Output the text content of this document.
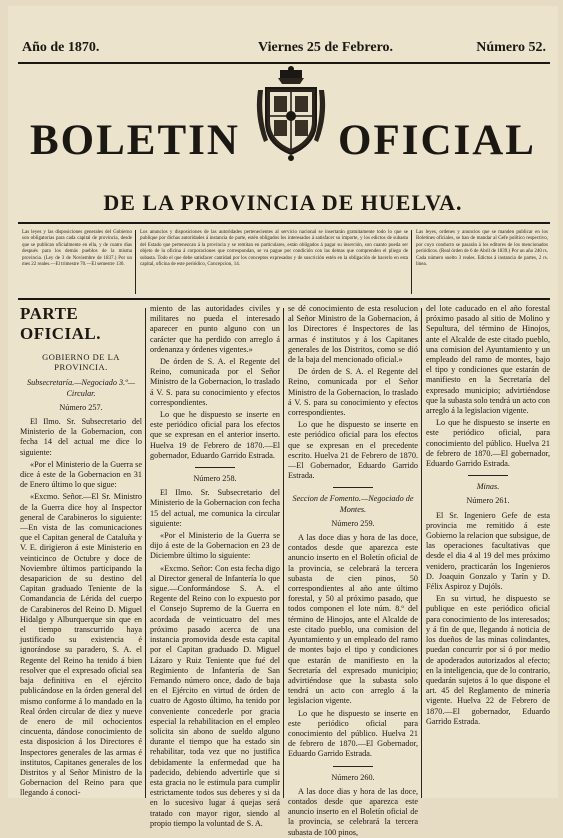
Año de 1870.	Viernes 25 de Febrero.	Número 52.
BOLETIN OFICIAL
DE LA PROVINCIA DE HUELVA.
Las leyes y las disposiciones generales del Gobierno son obligatorias para cada capital de provincia, desde que se publican oficialmente en ella, y de cuatro dias después para los demás pueblos de la misma provincia. (Ley de 3 de Noviembre de 1837.) Por un mes 22 reales.—El trimestre 70.—El semestre 130.
Los anuncios y disposiciones de las autoridades pertenecientes al servicio nacional se insertarán gratuitamente todo lo que se publique por dichas autoridades á instancia de parte, estén obligados los interesados á satisfacer su importe, y los edictos de subasta del Estado que pertenezcan á la provincia y se remitan en particulares, están obligados á pagar su inserción, son cuanto pueda ser objeto de la oficina á corporaciones que correspondan, se va pague por condición con las demas que comprenden el pliego de subasta. Todo el que debe satisfacer cantidad por los conceptos expresados y de suscrición estén en la obligación de hacerlo en esta capital, oficina de este periódico, Concepcion, 14.
Las leyes, ordenes y anuncios que se manden publicar en los Boletines oficiales, se han de mandar al Gefe político respectivo, por cuyo conducto se pasarán á los editores de los mencionados periódicos. (Real órden de 6 de Abril de 1839.) Por un año 240 rs. Cada número suelto 3 reales. Edictos á instancia de partes, 2 rs. linea.
PARTE OFICIAL.
GOBIERNO DE LA PROVINCIA.
Subsecretaría.—Negociado 3.º— Circular.
Número 257.

El Ilmo. Sr. Subsecretario del Ministerio de la Gobernacion, con fecha 14 del actual me dice lo siguiente:

«Por el Ministerio de la Guerra se dice á este de la Gobernacion en 31 de Enero último lo que sigue:

«Excmo. Señor.—El Sr. Ministro de la Guerra dice hoy al Inspector general de Carabineros lo siguiente:—En vista de las comunicaciones que el Capitan general de Cataluña y V. E. dirigieron á este Ministerio en veinticinco de Octubre y doce de Noviembre últimos participando la desaparicion de su destino del Capitan graduado Teniente de la Comandancia de Lérida del cuerpo de Carabineros del Reino D. Miguel Hidalgo y Alburquerque sin que en el tiempo transcurrido haya justificado su existencia é ignorándose su paradero, S. A. el Regente del Reino ha tenido á bien resolver que el expresado oficial sea baja definitiva en el ejército publicándose en la órden general del mismo conforme á lo mandado en la Real órden circular de diez y nueve de enero de mil ochocientos cincuenta, dándose conocimiento de esta disposicion á los Directores é Inspectores generales de las armas é institutos, Capitanes generales de los Distritos y al Señor Ministro de la Gobernacion del Reino para que llegando á conoci-

miento de las autoridades civiles y militares no pueda el interesado aparecer en punto alguno con un carácter que ha perdido con arreglo á ordenanza y órdenes vigentes.»

De órden de S. A. el Regente del Reino, comunicada por el Señor Ministro de la Gobernacion, lo traslado á V. S. para su conocimiento y efectos correspondientes.

Lo que he dispuesto se inserte en este periódico oficial para los efectos que se expresan en el anterior inserto. Huelva 19 de Febrero de 1870.—El gobernador, Eduardo Garrido Estrada.

Número 258.

El Ilmo. Sr. Subsecretario del Ministerio de la Gobernacion con fecha 15 del actual, me comunica la circular siguiente:

«Por el Ministerio de la Guerra se dijo á este de la Gobernacion en 23 de Diciembre último lo siguiente:

«Excmo. Señor: Con esta fecha digo al Director general de Infantería lo que sigue.—Conformándose S. A. el Regente del Reino con lo expuesto por el Consejo Supremo de la Guerra en acordada de veinticuatro del mes próximo pasado acerca de una instancia promovida desde esta capital por el Capitan graduado D. Miguel Lázaro y Ruiz Teniente que fué del Regimiento de Infantería de San Fernando número once, dado de baja en el Ejército en virtud de órden de cuatro de Agosto último, ha tenido por conveniente concederle por gracia especial la rehabilitacion en el empleo solicita sin abono de sueldo alguno durante el tiempo que ha estado sin rehabilitar, toda vez que no justifica debidamente la enfermedad que ha padecido, debiendo advertirle que si esta gracia no le estimula para cumplir estrictamente todos sus deberes y si da en lo sucesivo lugar á quejas será tratado con mayor rigor, siendo al propio tiempo la voluntad de S. A.

se dé conocimiento de esta resolucion al Señor Ministro de la Gobernacion, á los Directores é Inspectores de las armas é institutos y á los Capitanes generales de los Distritos, como se dió de la baja del mencionado oficial.»

De órden de S. A. el Regente del Reino, comunicada por el Señor Ministro de la Gobernacion, lo traslado á V. S. para su conocimiento y efectos correspondientes.

Lo que he dispuesto se inserte en este periódico oficial para los efectos que se expresan en el precedente escrito. Huelva 21 de Febrero de 1870.—El Gobernador, Eduardo Garrido Estrada.

Seccion de Fomento.—Negociado de Montes.
Número 259.

A las doce dias y hora de las doce, contados desde que aparezca este anuncio inserto en el Boletín oficial de la provincia, se celebrará la tercera subasta de cien pinos, 50 correspondientes al año ante último forestal, y 50 al próximo pasado, que todos componen el lote núm. 8.º del término de Hinojos, ante el Alcalde de este citado pueblo, una comision del Ayuntamiento y un empleado del ramo de montes bajo el tipo y condiciones que estarán de manifiesto en la Secretaría del expresado municipio; advirtiéndose que la subasta solo tendrá un acto con arreglo á la legislacion vigente.

Lo que he dispuesto se inserte en este periódico oficial para conocimiento del público. Huelva 21 de febrero de 1870.—El Gobernador, Eduardo Garrido Estrada.

Número 260.

A las doce dias y hora de las doce, contados desde que aparezca este anuncio inserto en el Boletín oficial de la provincia, se celebrará la tercera subasta de 100 pinos,

del lote caducado en el año forestal próximo pasado al sitio de Molino y Sepultura, del término de Hinojos, ante el Alcalde de este citado pueblo, una comision del Ayuntamiento y un empleado del ramo de montes, bajo el tipo y condiciones que estarán de manifiesto en la Secretaría del expresado municipio; advirtiéndose que la subasta solo tendrá un acto con arreglo á la legislacion vigente.

Lo que he dispuesto se inserte en este periódico oficial, para conocimiento del público. Huelva 21 de febrero de 1870.—El gobernador, Eduardo Garrido Estrada.

Minas.
Número 261.

El Sr. Ingeniero Gefe de esta provincia me remitido á este Gobierno la relacion que subsigue, de las operaciones facultativas que desde el dia 4 al 19 del mes próximo venidero, practicarán los Ingenieros D. Joaquin Gonzalo y Tarín y D. Félix Aspiroz y Dujóls.

En su virtud, he dispuesto se publique en este periódico oficial para conocimiento de los interesados; y á fin de que, llegando á noticia de los dueños de las minas colindantes, puedan concurrir por sí ó por medio de apoderados autorizados al efecto; en la inteligencia, que de lo contrario, quedarán sujetos á lo que dispone el art. 45 del Reglamento de minería vigente. Huelva 22 de Febrero de 1870.—El gobernador, Eduardo Garrido Estrada.
